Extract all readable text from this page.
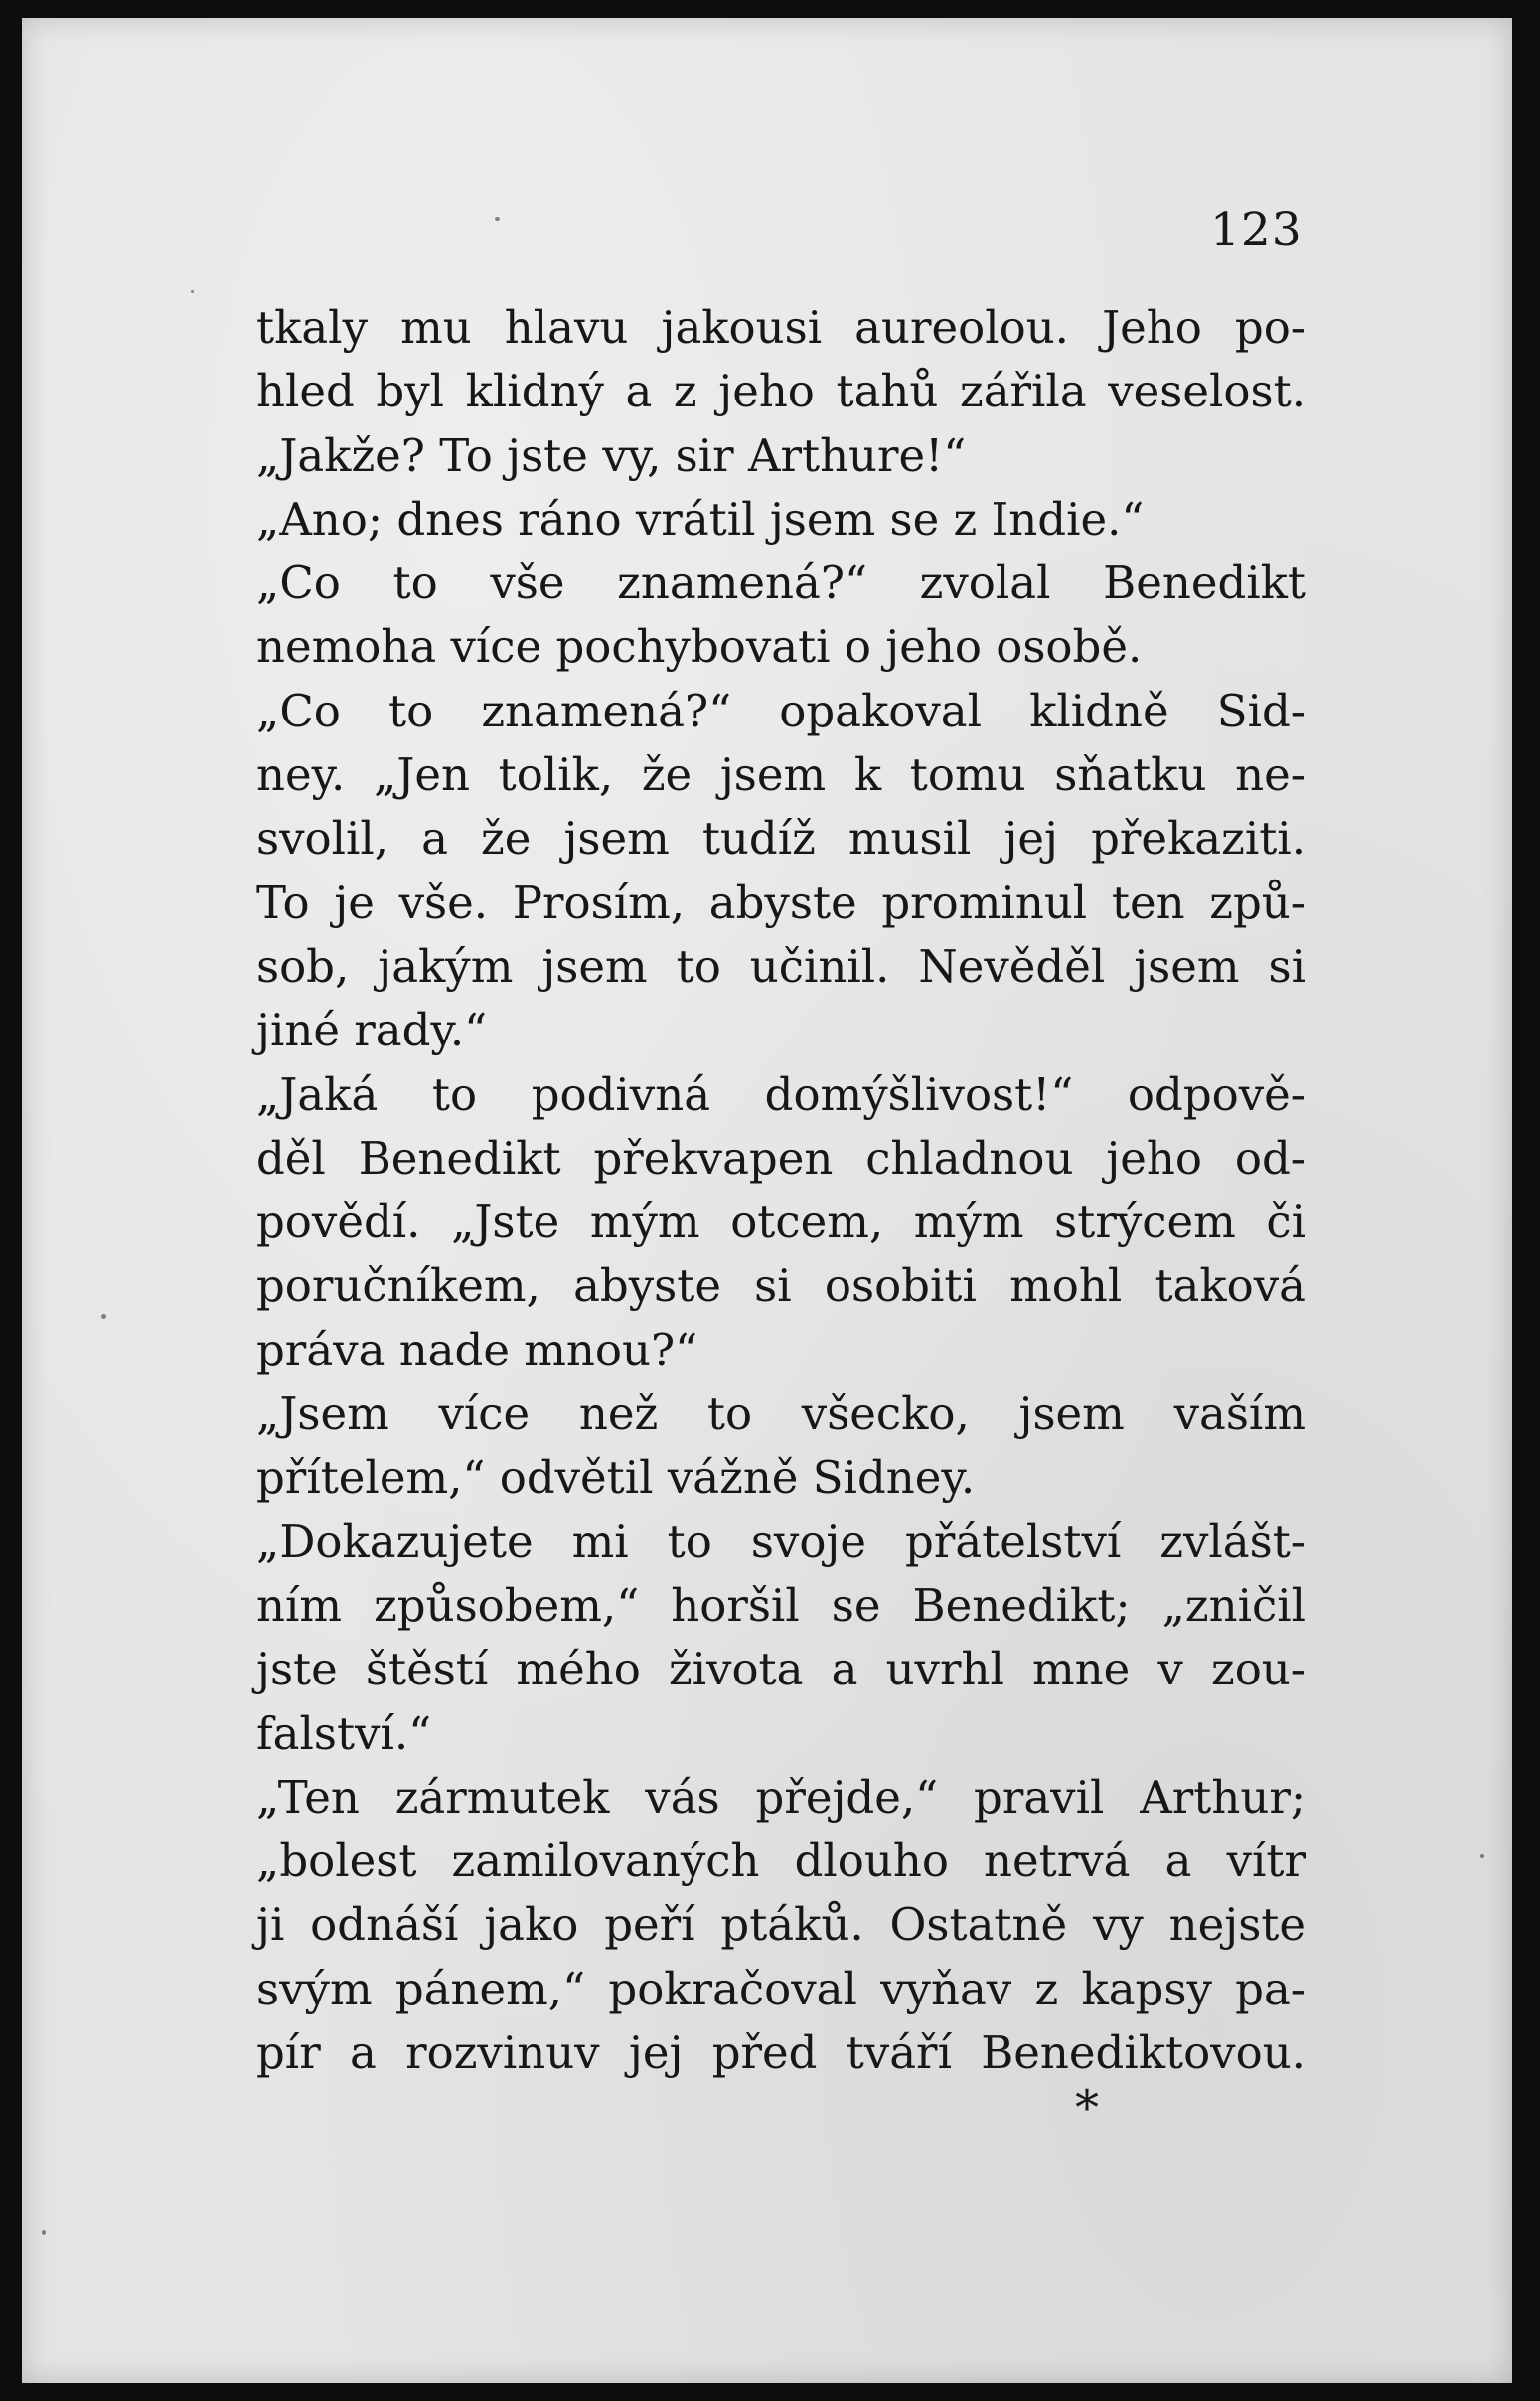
123
tkaly mu hlavu jakousi aureolou. Jeho po-
hled byl klidný a z jeho tahů zářila veselost.
„Jakže? To jste vy, sir Arthure!“
„Ano; dnes ráno vrátil jsem se z Indie.“
„Co to vše znamená?“ zvolal Benedikt
nemoha více pochybovati o jeho osobě.
„Co to znamená?“ opakoval klidně Sid-
ney. „Jen tolik, že jsem k tomu sňatku ne-
svolil, a že jsem tudíž musil jej překaziti.
To je vše. Prosím, abyste prominul ten způ-
sob, jakým jsem to učinil. Nevěděl jsem si
jiné rady.“
„Jaká to podivná domýšlivost!“ odpově-
děl Benedikt překvapen chladnou jeho od-
povědí. „Jste mým otcem, mým strýcem či
poručníkem, abyste si osobiti mohl taková
práva nade mnou?“
„Jsem více než to všecko, jsem vaším
přítelem,“ odvětil vážně Sidney.
„Dokazujete mi to svoje přátelství zvlášt-
ním způsobem,“ horšil se Benedikt; „zničil
jste štěstí mého života a uvrhl mne v zou-
falství.“
„Ten zármutek vás přejde,“ pravil Arthur;
„bolest zamilovaných dlouho netrvá a vítr
ji odnáší jako peří ptáků. Ostatně vy nejste
svým pánem,“ pokračoval vyňav z kapsy pa-
pír a rozvinuv jej před tváří Benediktovou.
*
